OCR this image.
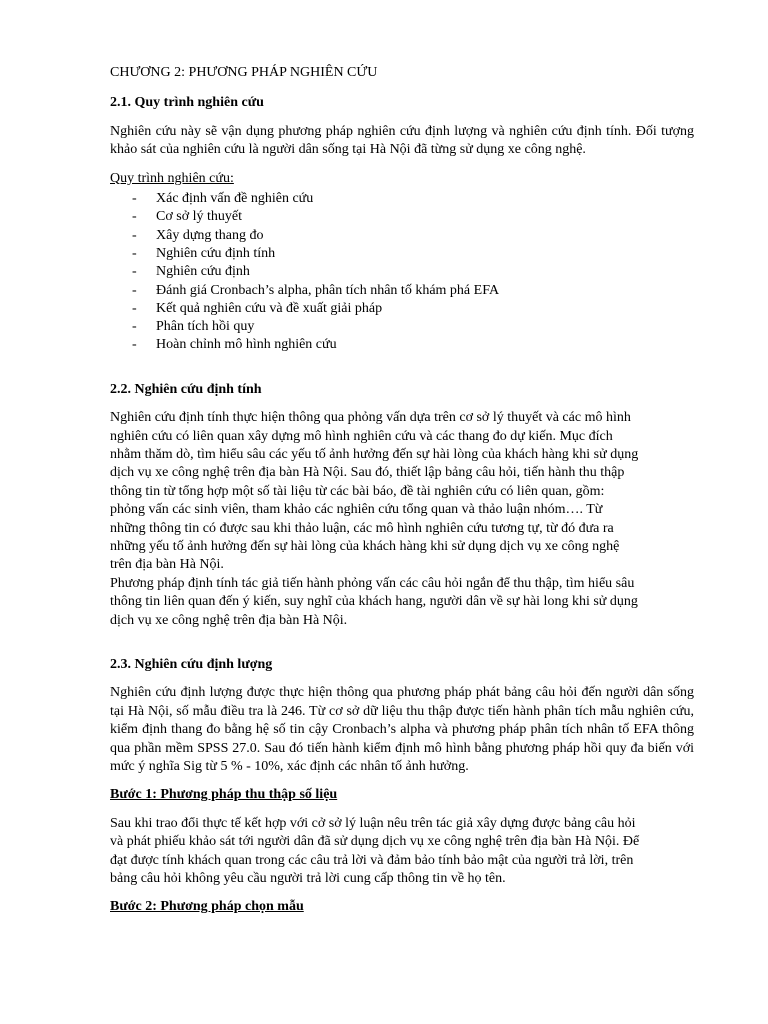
CHƯƠNG 2: PHƯƠNG PHÁP NGHIÊN CỨU
2.1. Quy trình nghiên cứu

Nghiên cứu này sẽ vận dụng phương pháp nghiên cứu định lượng và nghiên cứu định tính. Đối tượng khảo sát của nghiên cứu là người dân sống tại Hà Nội đã từng sử dụng xe công nghệ.

Quy trình nghiên cứu:

- Xác định vấn đề nghiên cứu
- Cơ sở lý thuyết
- Xây dựng thang đo
- Nghiên cứu định tính
- Nghiên cứu định
- Đánh giá Cronbach’s alpha, phân tích nhân tố khám phá EFA
- Kết quả nghiên cứu và đề xuất giải pháp
- Phân tích hồi quy
- Hoàn chỉnh mô hình nghiên cứu
2.2. Nghiên cứu định tính

Nghiên cứu định tính thực hiện thông qua phỏng vấn dựa trên cơ sở lý thuyết và các mô hình

nghiên cứu có liên quan xây dựng mô hình nghiên cứu và các thang đo dự kiến. Mục đích

nhằm thăm dò, tìm hiểu sâu các yếu tố ảnh hưởng đến sự hài lòng của khách hàng khi sử dụng

dịch vụ xe công nghệ trên địa bàn Hà Nội. Sau đó, thiết lập bảng câu hỏi, tiến hành thu thập

thông tin từ tổng hợp một số tài liệu từ các bài báo, đề tài nghiên cứu có liên quan, gồm:

phỏng vấn các sinh viên, tham khảo các nghiên cứu tổng quan và thảo luận nhóm…. Từ

những thông tin có được sau khi thảo luận, các mô hình nghiên cứu tương tự, từ đó đưa ra

những yếu tố ảnh hưởng đến sự hài lòng của khách hàng khi sử dụng dịch vụ xe công nghệ

trên địa bàn Hà Nội.

Phương pháp định tính tác giả tiến hành phỏng vấn các câu hỏi ngắn để thu thập, tìm hiểu sâu

thông tin liên quan đến ý kiến, suy nghĩ của khách hang, người dân về sự hài long khi sử dụng

dịch vụ xe công nghệ trên địa bàn Hà Nội.

2.3. Nghiên cứu định lượng

Nghiên cứu định lượng được thực hiện thông qua phương pháp phát bảng câu hỏi đến người dân sống tại Hà Nội, số mẫu điều tra là 246. Từ cơ sở dữ liệu thu thập được tiến hành phân tích mẫu nghiên cứu, kiểm định thang đo bằng hệ số tin cậy Cronbach’s alpha và phương pháp phân tích nhân tố EFA thông qua phần mềm SPSS 27.0. Sau đó tiến hành kiểm định mô hình bằng phương pháp hồi quy đa biến với mức ý nghĩa Sig từ 5 % - 10%, xác định các nhân tố ảnh hưởng.

Bước 1: Phương pháp thu thập số liệu

Sau khi trao đổi thực tế kết hợp với cở sở lý luận nêu trên tác giả xây dựng được bảng câu hỏi

và phát phiếu khảo sát tới người dân đã sử dụng dịch vụ xe công nghệ trên địa bàn Hà Nội. Để

đạt được tính khách quan trong các câu trả lời và đảm bảo tính bảo mật của người trả lời, trên

bảng câu hỏi không yêu cầu người trả lời cung cấp thông tin về họ tên.

Bước 2: Phương pháp chọn mẫu
